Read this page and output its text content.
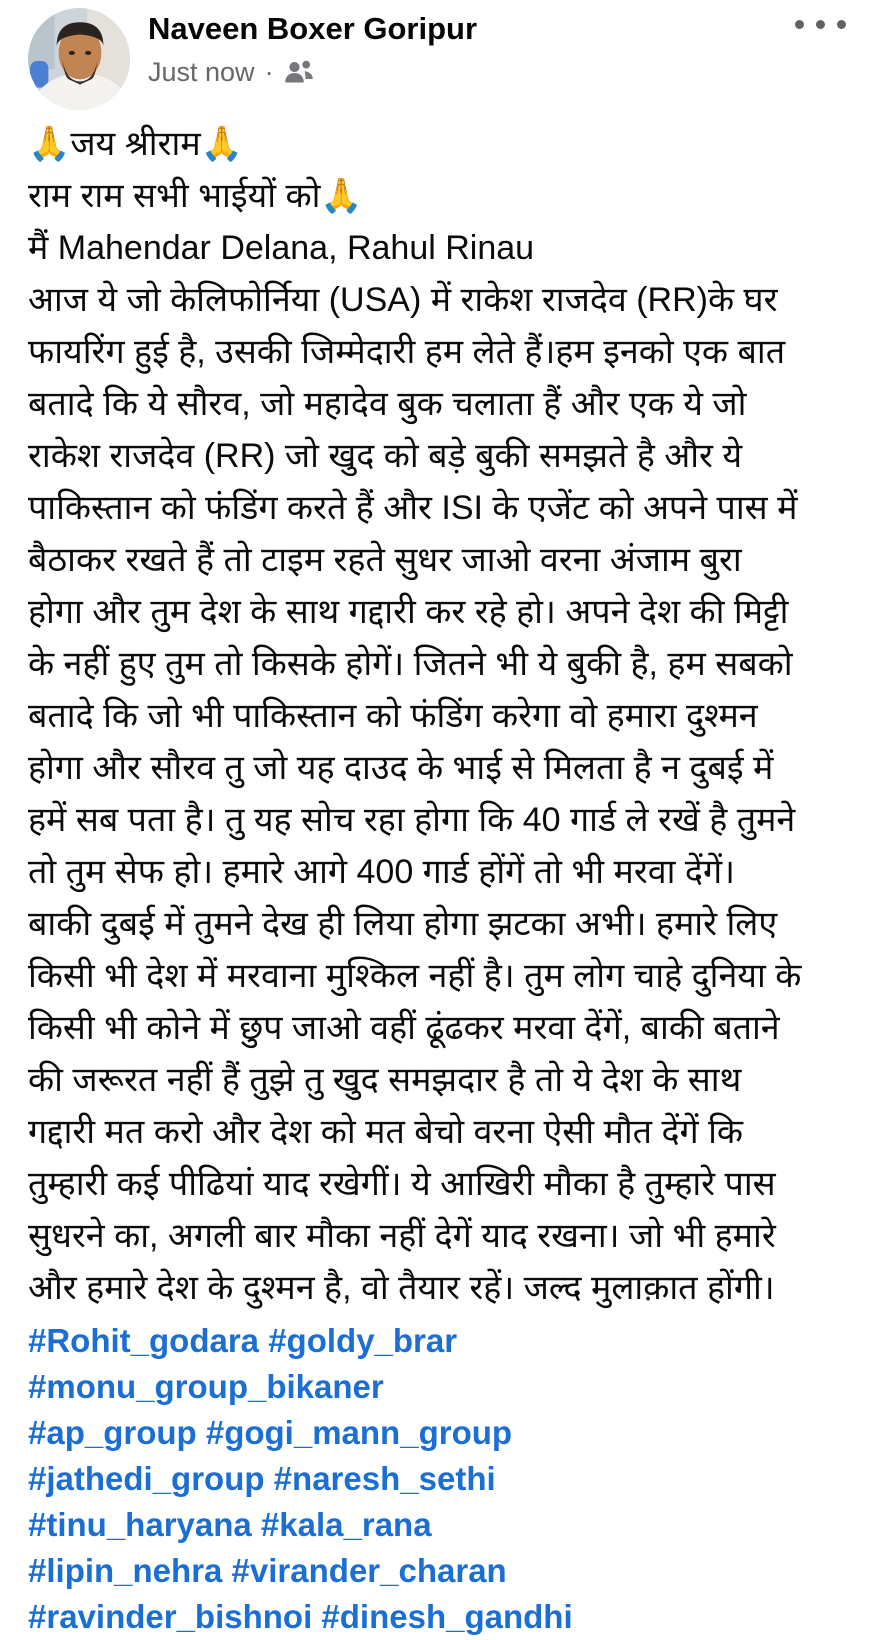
Naveen Boxer Goripur
Just now ·
🙏जय श्रीराम🙏
राम राम सभी भाईयों को🙏
मैं Mahendar Delana, Rahul Rinau
आज ये जो केलिफोर्निया (USA) में राकेश राजदेव (RR)के घर
फायरिंग हुई है, उसकी जिम्मेदारी हम लेते हैं।हम इनको एक बात
बतादे कि ये सौरव, जो महादेव बुक चलाता हैं और एक ये जो
राकेश राजदेव (RR) जो खुद को बड़े बुकी समझते है और ये
पाकिस्तान को फंडिंग करते हैं और ISI के एजेंट को अपने पास में
बैठाकर रखते हैं तो टाइम रहते सुधर जाओ वरना अंजाम बुरा
होगा और तुम देश के साथ गद्दारी कर रहे हो। अपने देश की मिट्टी
के नहीं हुए तुम तो किसके होगें। जितने भी ये बुकी है, हम सबको
बतादे कि जो भी पाकिस्तान को फंडिंग करेगा वो हमारा दुश्मन
होगा और सौरव तु जो यह दाउद के भाई से मिलता है न दुबई में
हमें सब पता है। तु यह सोच रहा होगा कि 40 गार्ड ले रखें है तुमने
तो तुम सेफ हो। हमारे आगे 400 गार्ड होंगें तो भी मरवा देंगें।
बाकी दुबई में तुमने देख ही लिया होगा झटका अभी। हमारे लिए
किसी भी देश में मरवाना मुश्किल नहीं है। तुम लोग चाहे दुनिया के
किसी भी कोने में छुप जाओ वहीं ढूंढकर मरवा देंगें, बाकी बताने
की जरूरत नहीं हैं तुझे तु खुद समझदार है तो ये देश के साथ
गद्दारी मत करो और देश को मत बेचो वरना ऐसी मौत देंगें कि
तुम्हारी कई पीढियां याद रखेगीं। ये आखिरी मौका है तुम्हारे पास
सुधरने का, अगली बार मौका नहीं देगें याद रखना। जो भी हमारे
और हमारे देश के दुश्मन है, वो तैयार रहें। जल्द मुलाक़ात होंगी।
#Rohit_godara #goldy_brar
#monu_group_bikaner
#ap_group #gogi_mann_group
#jathedi_group #naresh_sethi
#tinu_haryana #kala_rana
#lipin_nehra #virander_charan
#ravinder_bishnoi #dinesh_gandhi
